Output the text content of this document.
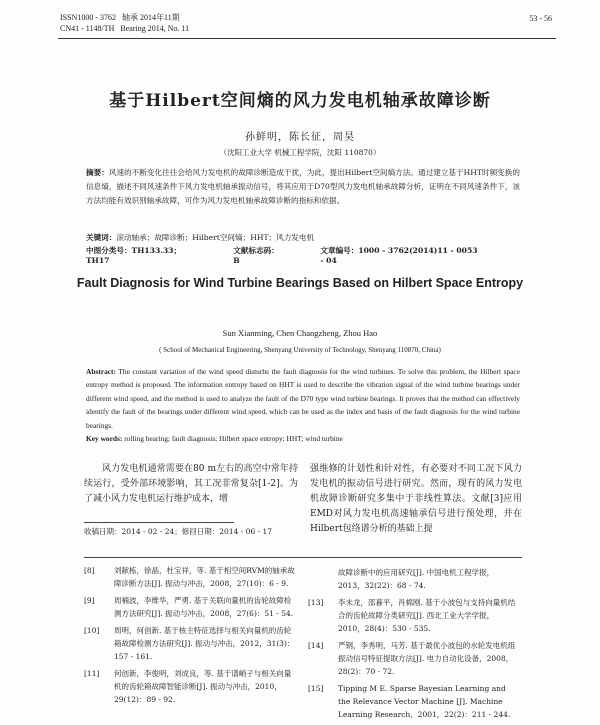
ISSN1000 - 3762 轴承 2014年11期
CN41 - 1148/TH Bearing 2014, No. 11
53 - 56
基于Hilbert空间熵的风力发电机轴承故障诊断
孙鲜明，陈长征，周昊
（沈阳工业大学 机械工程学院，沈阳 110870）

摘要：风速的不断变化往往会给风力发电机的故障诊断造成干扰，为此，提出Hilbert空间熵方法。通过建立基于HHT时频变换的信息熵，描述不同风速条件下风力发电机轴承振动信号，将其应用于D70型风力发电机轴承故障分析，证明在不同风速条件下，该方法均能有效识别轴承故障，可作为风力发电机轴承故障诊断的指标和依据。

关键词：滚动轴承；故障诊断；Hilbert空间熵；HHT；风力发电机

中图分类号：TH133.33；TH17
文献标志码：B
文章编号：1000 - 3762(2014)11 - 0053 - 04

Fault Diagnosis for Wind Turbine Bearings Based on Hilbert Space Entropy
Sun Xianming, Chen Changzheng, Zhou Hao
( School of Mechanical Engineering, Shenyang University of Technology, Shenyang 110870, China)

Abstract: The constant variation of the wind speed disturbs the fault diagnosis for the wind turbines. To solve this problem, the Hilbert space entropy method is proposed. The information entropy based on HHT is used to describe the vibration signal of the wind turbine bearings under different wind speed, and the method is used to analyze the fault of the D70 type wind turbine bearings. It proves that the method can effectively identify the fault of the bearings under different wind speed, which can be used as the index and basis of the fault diagnosis for the wind turbine bearings.

Key words: rolling bearing; fault diagnosis; Hilbert space entropy; HHT; wind turbine

风力发电机通常需要在80 m左右的高空中常年持续运行，受外部环境影响，其工况非常复杂[1-2]。为了减小风力发电机运行维护成本，增

强维修的计划性和针对性，有必要对不同工况下风力发电机的振动信号进行研究。然而，现有的风力发电机故障诊断研究多集中于非线性算法。文献[3]应用EMD对风力发电机高速轴承信号进行预处理，并在Hilbert包络谱分析的基础上提

收稿日期：2014 - 02 - 24；修回日期：2014 - 06 - 17

[8]	刘献栋，徐晶，杜宝祥，等. 基于相空间RVM的轴承故障诊断方法[J]. 振动与冲击，2008，27(10)：6 - 9.
[9]	周楠波，李维华，严勇. 基于关联向量机的齿轮故障检测方法研究[J]. 振动与冲击，2008，27(6)：51 - 54.
[10] 周明，何创新. 基于核主特征选择与相关向量机的齿轮箱故障检测方法研究[J]. 振动与冲击，2012，31(3)：157 - 161.
[11] 何创新，李俊明，刘成良，等. 基于谱峭子与相关向量机的齿轮箱故障智能诊断[J]. 振动与冲击，2010，29(12)：89 - 92.
故障诊断中的应用研究[J]. 中国电机工程学报，2013，32(22)：68 - 74.
[13] 李未龙，邵暮平，肖棉刚. 基于小波包与支持向量机结合的齿轮故障分类研究[J]. 西北工业大学学报，2010，28(4)：530 - 535.
[14] 严钢，李秀明，马芳. 基于最优小波包的水轮发电机组振动信号特征提取方法[J]. 电力自动化设备，2008，28(2)：70 - 72.
[15] Tipping M E. Sparse Bayesian Learning and the Relevance Vector Machine [J]. Machine Learning Research，2001，22(2)：211 - 244.
